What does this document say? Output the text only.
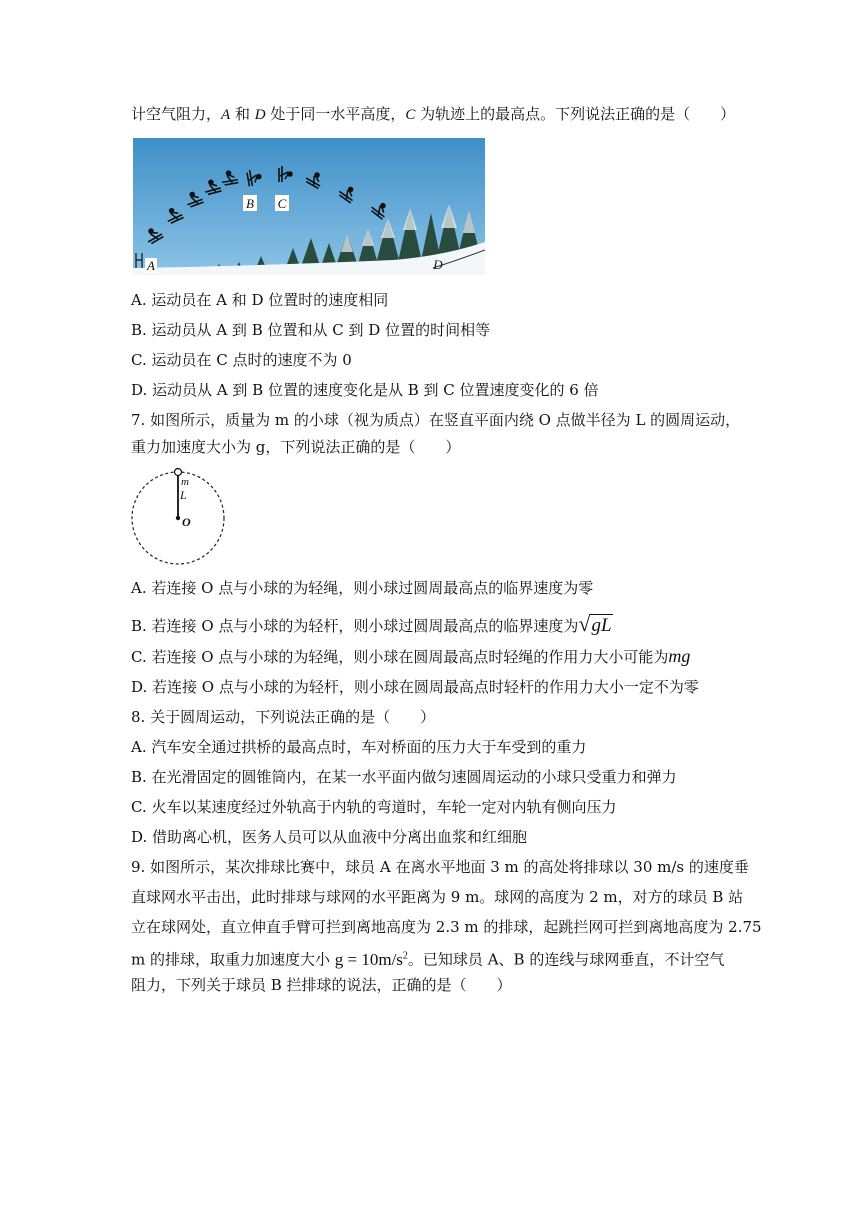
计空气阻力，A 和 D 处于同一水平高度，C 为轨迹上的最高点。下列说法正确的是（　　）
A
B C
D
A. 运动员在 A 和 D 位置时的速度相同
B. 运动员从 A 到 B 位置和从 C 到 D 位置的时间相等
C. 运动员在 C 点时的速度不为 0
D. 运动员从 A 到 B 位置的速度变化是从 B 到 C 位置速度变化的 6 倍
7. 如图所示，质量为 m 的小球（视为质点）在竖直平面内绕 O 点做半径为 L 的圆周运动，
重力加速度大小为 g，下列说法正确的是（　　）
m
L
O
A. 若连接 O 点与小球的为轻绳，则小球过圆周最高点的临界速度为零
B. 若连接 O 点与小球的为轻杆，则小球过圆周最高点的临界速度为√gL
C. 若连接 O 点与小球的为轻绳，则小球在圆周最高点时轻绳的作用力大小可能为mg
D. 若连接 O 点与小球的为轻杆，则小球在圆周最高点时轻杆的作用力大小一定不为零
8. 关于圆周运动，下列说法正确的是（　　）
A. 汽车安全通过拱桥的最高点时，车对桥面的压力大于车受到的重力
B. 在光滑固定的圆锥筒内，在某一水平面内做匀速圆周运动的小球只受重力和弹力
C. 火车以某速度经过外轨高于内轨的弯道时，车轮一定对内轨有侧向压力
D. 借助离心机，医务人员可以从血液中分离出血浆和红细胞
9. 如图所示，某次排球比赛中，球员 A 在离水平地面 3 m 的高处将排球以 30 m/s 的速度垂
直球网水平击出，此时排球与球网的水平距离为 9 m。球网的高度为 2 m，对方的球员 B 站
立在球网处，直立伸直手臂可拦到离地高度为 2.3 m 的排球，起跳拦网可拦到离地高度为 2.75
m 的排球，取重力加速度大小 $g = 10m/s^2$。已知球员 A、B 的连线与球网垂直，不计空气
阻力，下列关于球员 B 拦排球的说法，正确的是（　　）
